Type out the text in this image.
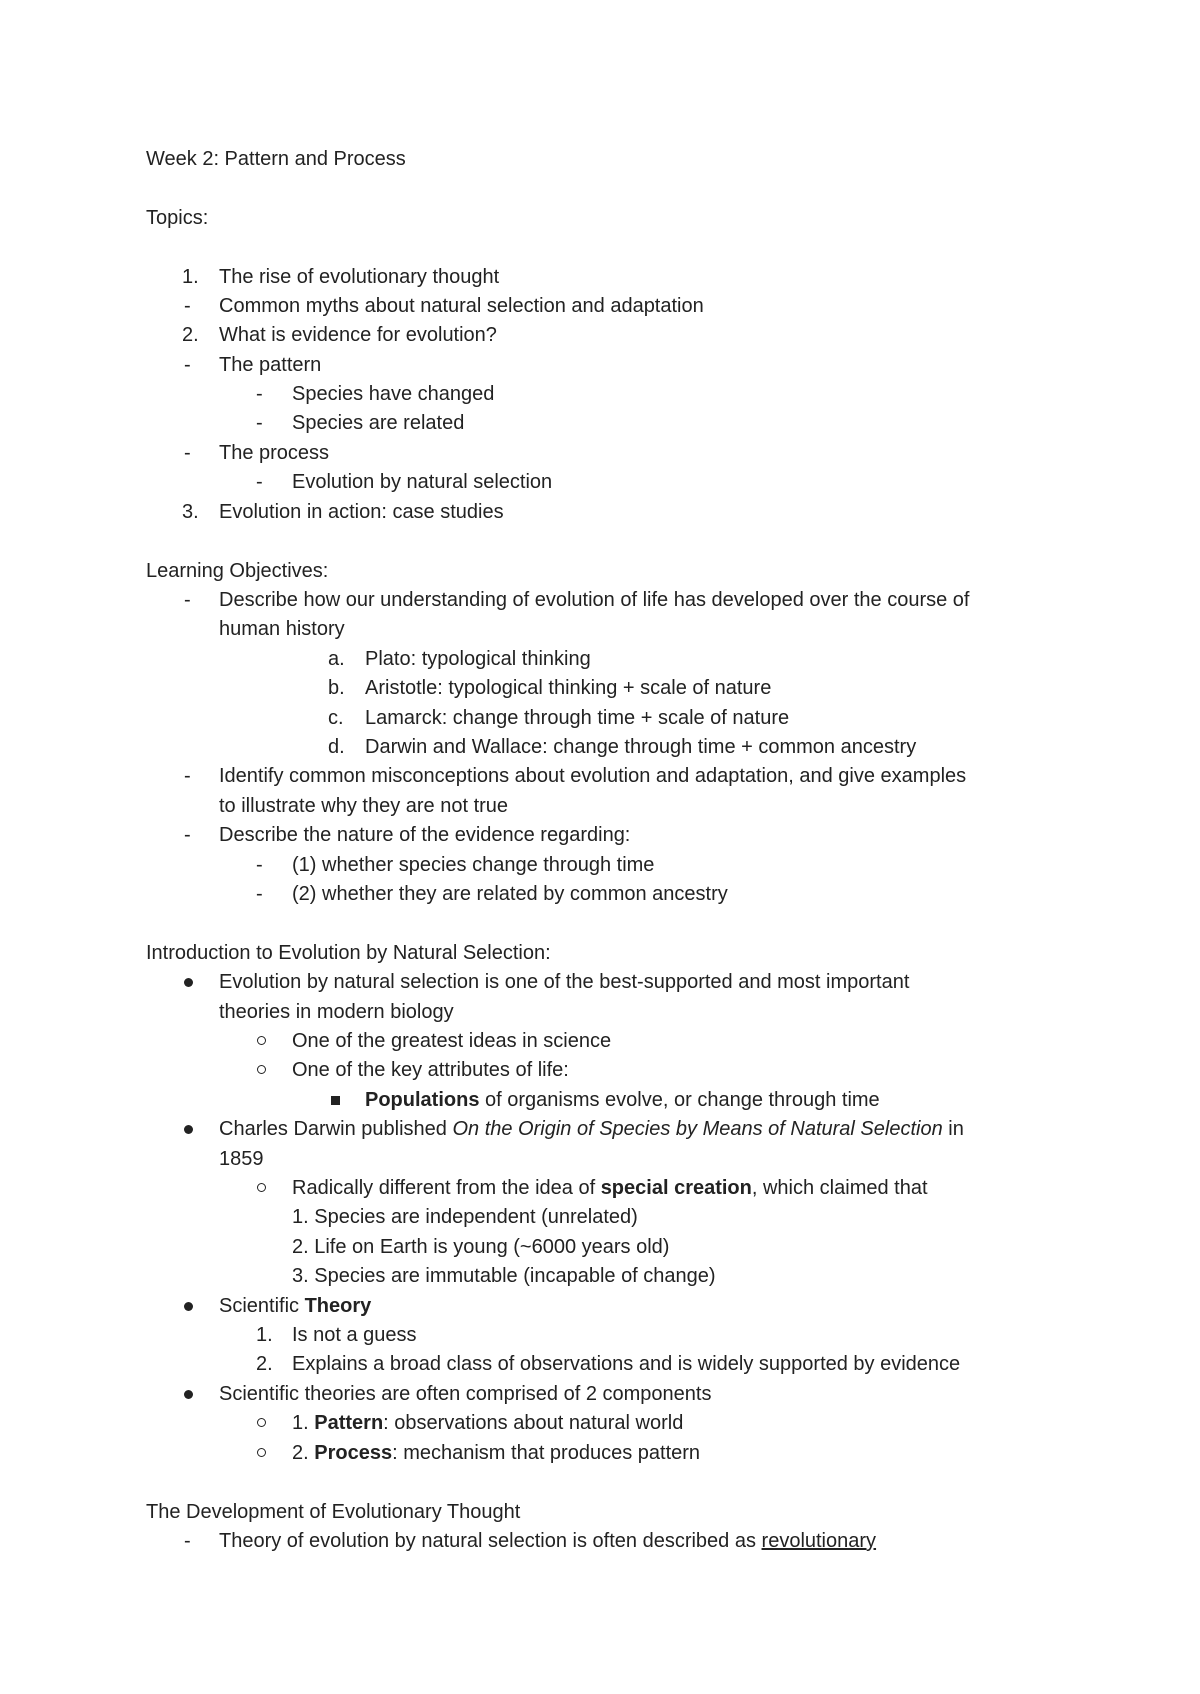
Week 2: Pattern and Process
Topics:
1. The rise of evolutionary thought
- Common myths about natural selection and adaptation
2. What is evidence for evolution?
- The pattern
- Species have changed
- Species are related
- The process
- Evolution by natural selection
3. Evolution in action: case studies
Learning Objectives:
- Describe how our understanding of evolution of life has developed over the course of
human history
a. Plato: typological thinking
b. Aristotle: typological thinking + scale of nature
c. Lamarck: change through time + scale of nature
d. Darwin and Wallace: change through time + common ancestry
- Identify common misconceptions about evolution and adaptation, and give examples
to illustrate why they are not true
- Describe the nature of the evidence regarding:
- (1) whether species change through time
- (2) whether they are related by common ancestry
Introduction to Evolution by Natural Selection:
Evolution by natural selection is one of the best-supported and most important
theories in modern biology
One of the greatest ideas in science
One of the key attributes of life:
Populations of organisms evolve, or change through time
Charles Darwin published On the Origin of Species by Means of Natural Selection in
1859
Radically different from the idea of special creation, which claimed that
1. Species are independent (unrelated)
2. Life on Earth is young (~6000 years old)
3. Species are immutable (incapable of change)
Scientific Theory
1. Is not a guess
2. Explains a broad class of observations and is widely supported by evidence
Scientific theories are often comprised of 2 components
1. Pattern: observations about natural world
2. Process: mechanism that produces pattern
The Development of Evolutionary Thought
- Theory of evolution by natural selection is often described as revolutionary
